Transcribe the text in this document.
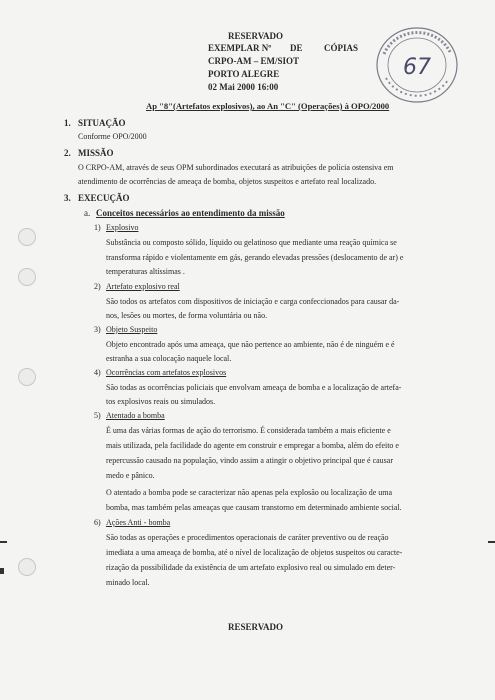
RESERVADO
EXEMPLAR Nº DE CÓPIAS
CRPO-AM – EM/SIOT
PORTO ALEGRE
02 Mai 2000 16:00
67
Ap "8"(Artefatos explosivos), ao An "C" (Operações) à OPO/2000
1. SITUAÇÃO
Conforme OPO/2000
2. MISSÃO
O CRPO-AM, através de seus OPM subordinados executará as atribuições de polícia ostensiva em
atendimento de ocorrências de ameaça de bomba, objetos suspeitos e artefato real localizado.
3. EXECUÇÃO
a. Conceitos necessários ao entendimento da missão
1) Explosivo
Substância ou composto sólido, líquido ou gelatinoso que mediante uma reação química se
transforma rápido e violentamente em gás, gerando elevadas pressões (deslocamento de ar) e
temperaturas altíssimas .
2) Artefato explosivo real
São todos os artefatos com dispositivos de iniciação e carga confeccionados para causar da-
nos, lesões ou mortes, de forma voluntária ou não.
3) Objeto Suspeito
Objeto encontrado após uma ameaça, que não pertence ao ambiente, não é de ninguém e é
estranha a sua colocação naquele local.
4) Ocorrências com artefatos explosivos
São todas as ocorrências policiais que envolvam ameaça de bomba e a localização de artefa-
tos explosivos reais ou simulados.
5) Atentado a bomba
É uma das várias formas de ação do terrorismo. É considerada também a mais eficiente e
mais utilizada, pela facilidade do agente em construir e empregar a bomba, além do efeito e
repercussão causado na população, vindo assim a atingir o objetivo principal que é causar
medo e pânico.
O atentado a bomba pode se caracterizar não apenas pela explosão ou localização de uma
bomba, mas também pelas ameaças que causam transtorno em determinado ambiente social.
6) Ações Anti - bomba
São todas as operações e procedimentos operacionais de caráter preventivo ou de reação
imediata a uma ameaça de bomba, até o nível de localização de objetos suspeitos ou caracte-
rização da possibilidade da existência de um artefato explosivo real ou simulado em deter-
minado local.
RESERVADO
